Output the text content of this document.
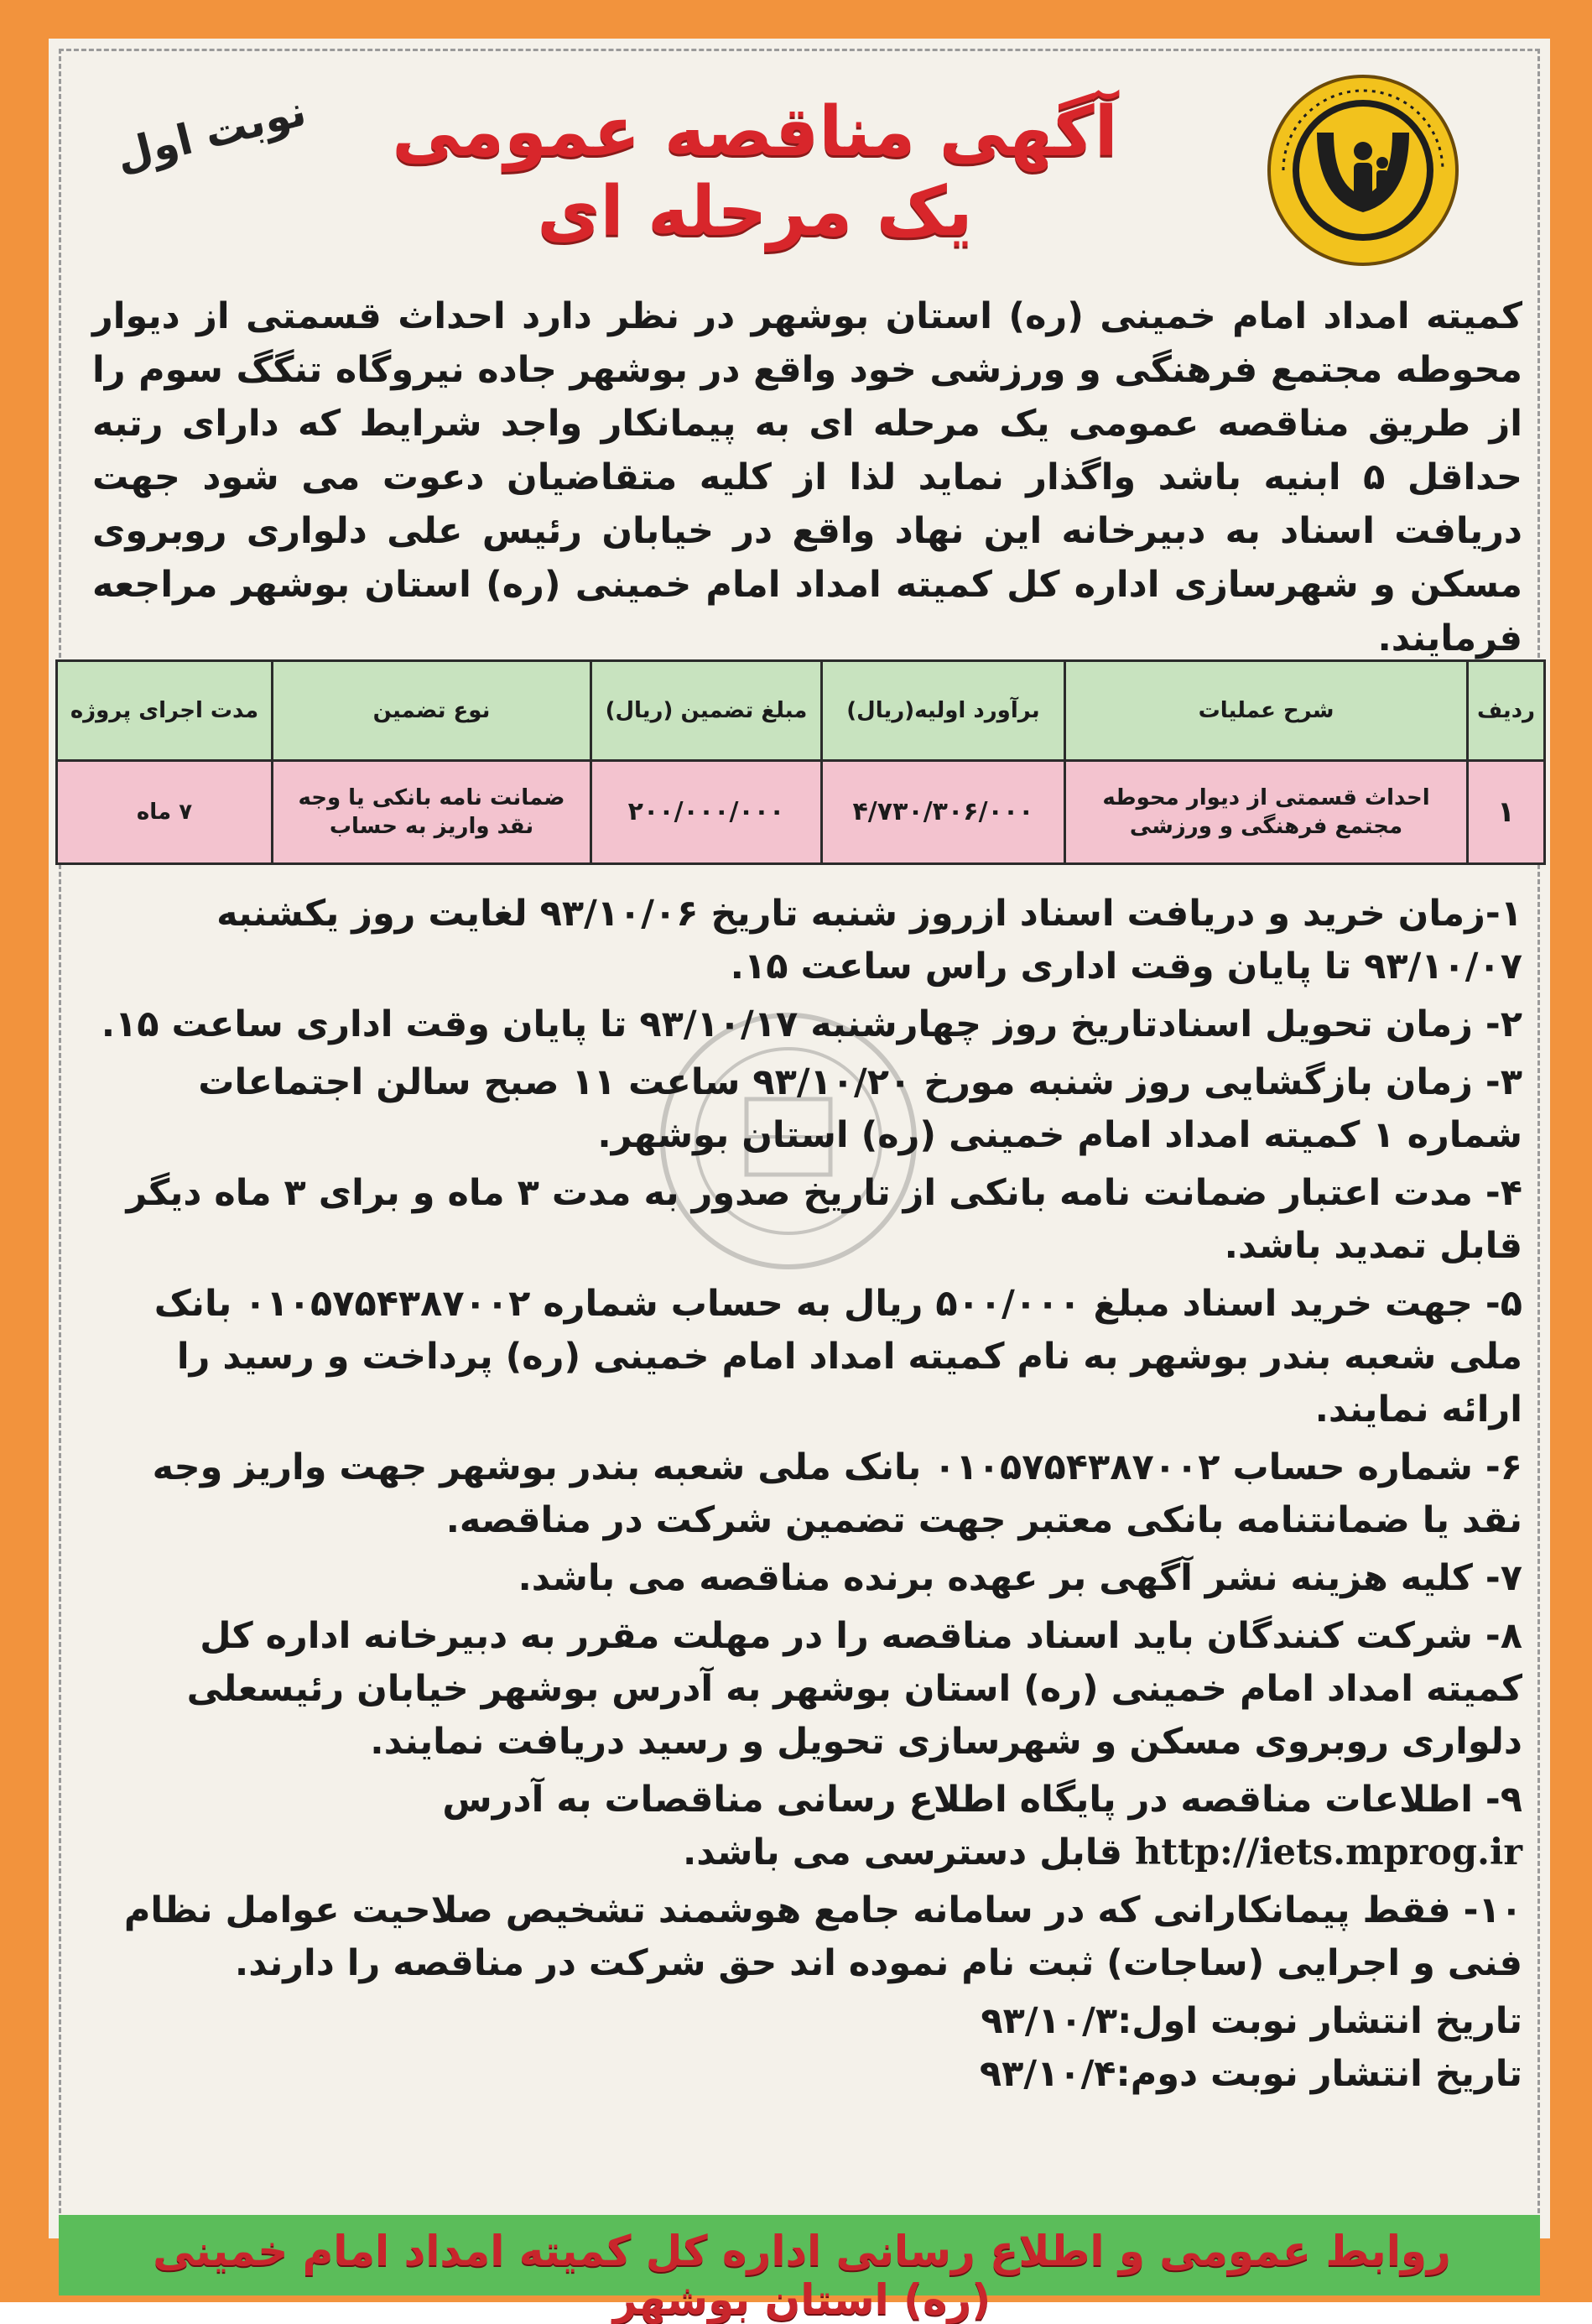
نوبت اول	آگهی مناقصه عمومی یک مرحله ای
کمیته امداد امام خمینی (ره) استان بوشهر در نظر دارد احداث قسمتی از دیوار محوطه مجتمع فرهنگی و ورزشی خود واقع در بوشهر جاده نیروگاه تنگگ سوم را از طریق مناقصه عمومی یک مرحله ای به پیمانکار واجد شرایط که دارای رتبه حداقل ۵ ابنیه باشد واگذار نماید لذا از کلیه متقاضیان دعوت می شود جهت دریافت اسناد به دبیرخانه این نهاد واقع در خیابان رئیس علی دلواری روبروی مسکن و شهرسازی اداره کل کمیته امداد امام خمینی (ره) استان بوشهر مراجعه فرمایند.
ردیف	شرح عملیات	برآورد اولیه(ریال)	مبلغ تضمین (ریال)	نوع تضمین	مدت اجرای پروژه
۱	احداث قسمتی از دیوار محوطه مجتمع فرهنگی و ورزشی	۴/۷۳۰/۳۰۶/۰۰۰	۲۰۰/۰۰۰/۰۰۰	ضمانت نامه بانکی یا وجه نقد واریز به حساب	۷ ماه

۱-زمان خرید و دریافت اسناد ازروز شنبه تاریخ ۹۳/۱۰/۰۶ لغایت روز یکشنبه ۹۳/۱۰/۰۷ تا پایان وقت اداری راس ساعت ۱۵.

۲- زمان تحویل اسنادتاریخ روز چهارشنبه ۹۳/۱۰/۱۷ تا پایان وقت اداری ساعت ۱۵.

۳- زمان بازگشایی روز شنبه مورخ ۹۳/۱۰/۲۰ ساعت ۱۱ صبح سالن اجتماعات شماره ۱ کمیته امداد امام خمینی (ره) استان بوشهر.

۴- مدت اعتبار ضمانت نامه بانکی از تاریخ صدور به مدت ۳ ماه و برای ۳ ماه دیگر قابل تمدید باشد.

۵- جهت خرید اسناد مبلغ ۵۰۰/۰۰۰ ریال به حساب شماره ۰۱۰۵۷۵۴۳۸۷۰۰۲ بانک ملی شعبه بندر بوشهر به نام کمیته امداد امام خمینی (ره) پرداخت و رسید را ارائه نمایند.

۶- شماره حساب ۰۱۰۵۷۵۴۳۸۷۰۰۲ بانک ملی شعبه بندر بوشهر جهت واریز وجه نقد یا ضمانتنامه بانکی معتبر جهت تضمین شرکت در مناقصه.

۷- کلیه هزینه نشر آگهی بر عهده برنده مناقصه می باشد.

۸- شرکت کنندگان باید اسناد مناقصه را در مهلت مقرر به دبیرخانه اداره کل کمیته امداد امام خمینی (ره) استان بوشهر به آدرس بوشهر خیابان رئیسعلی دلواری روبروی مسکن و شهرسازی تحویل و رسید دریافت نمایند.

۹- اطلاعات مناقصه در پایگاه اطلاع رسانی مناقصات به آدرس http://iets.mprog.ir قابل دسترسی می باشد.

۱۰- فقط پیمانکارانی که در سامانه جامع هوشمند تشخیص صلاحیت عوامل نظام فنی و اجرایی (ساجات) ثبت نام نموده اند حق شرکت در مناقصه را دارند.

تاریخ انتشار نوبت اول:۹۳/۱۰/۳

تاریخ انتشار نوبت دوم:۹۳/۱۰/۴

روابط عمومی و اطلاع رسانی اداره کل کمیته امداد امام خمینی (ره) استان بوشهر
